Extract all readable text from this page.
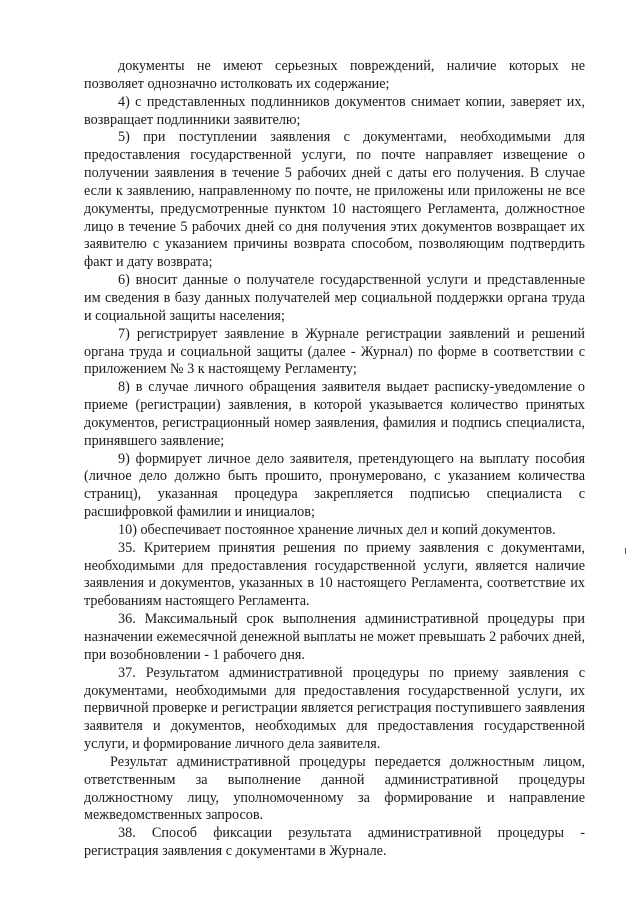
документы не имеют серьезных повреждений, наличие которых не позволяет однозначно истолковать их содержание;

4) с представленных подлинников документов снимает копии, заверяет их, возвращает подлинники заявителю;

5) при поступлении заявления с документами, необходимыми для предоставления государственной услуги, по почте направляет извещение о получении заявления в течение 5 рабочих дней с даты его получения. В случае если к заявлению, направленному по почте, не приложены или приложены не все документы, предусмотренные пунктом 10 настоящего Регламента, должностное лицо в течение 5 рабочих дней со дня получения этих документов возвращает их заявителю с указанием причины возврата способом, позволяющим подтвердить факт и дату возврата;

6) вносит данные о получателе государственной услуги и представленные им сведения в базу данных получателей мер социальной поддержки органа труда и социальной защиты населения;

7) регистрирует заявление в Журнале регистрации заявлений и решений органа труда и социальной защиты (далее - Журнал) по форме в соответствии с приложением № 3 к настоящему Регламенту;

8) в случае личного обращения заявителя выдает расписку-уведомление о приеме (регистрации) заявления, в которой указывается количество принятых документов, регистрационный номер заявления, фамилия и подпись специалиста, принявшего заявление;

9) формирует личное дело заявителя, претендующего на выплату пособия (личное дело должно быть прошито, пронумеровано, с указанием количества страниц), указанная процедура закрепляется подписью специалиста с расшифровкой фамилии и инициалов;

10) обеспечивает постоянное хранение личных дел и копий документов.

35. Критерием принятия решения по приему заявления с документами, необходимыми для предоставления государственной услуги, является наличие заявления и документов, указанных в 10 настоящего Регламента, соответствие их требованиям настоящего Регламента.

36. Максимальный срок выполнения административной процедуры при назначении ежемесячной денежной выплаты не может превышать 2 рабочих дней, при возобновлении - 1 рабочего дня.

37. Результатом административной процедуры по приему заявления с документами, необходимыми для предоставления государственной услуги, их первичной проверке и регистрации является регистрация поступившего заявления заявителя и документов, необходимых для предоставления государственной услуги, и формирование личного дела заявителя.

Результат административной процедуры передается должностным лицом, ответственным за выполнение данной административной процедуры должностному лицу, уполномоченному за формирование и направление межведомственных запросов.

38. Способ фиксации результата административной процедуры - регистрация заявления с документами в Журнале.
